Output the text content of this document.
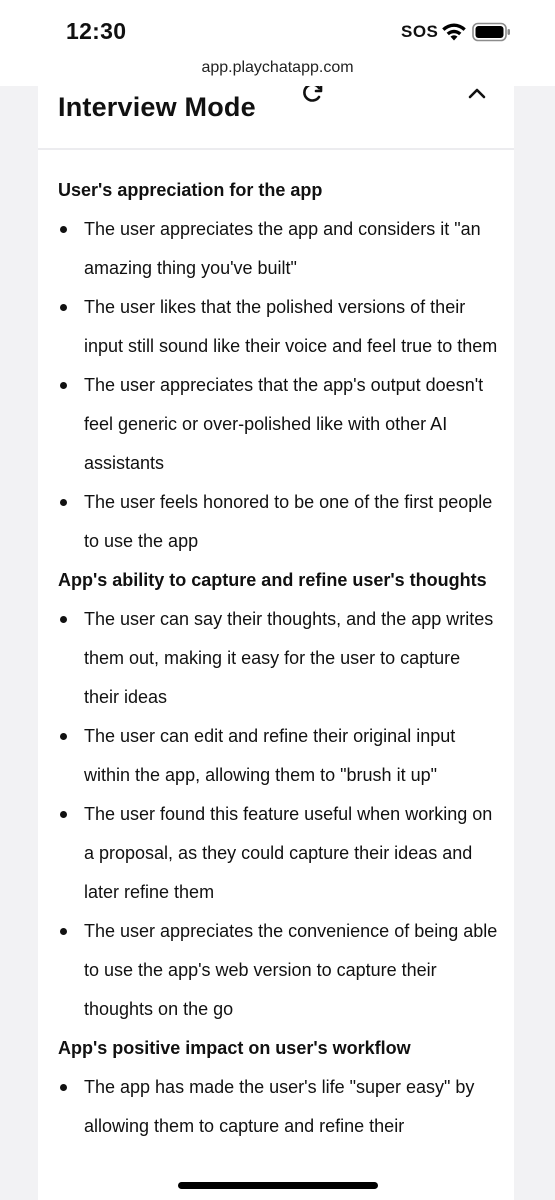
12:30	SOS
app.playchatapp.com
Interview Mode
User's appreciation for the app
The user appreciates the app and considers it "an amazing thing you've built"
The user likes that the polished versions of their input still sound like their voice and feel true to them
The user appreciates that the app's output doesn't feel generic or over-polished like with other AI assistants
The user feels honored to be one of the first people to use the app
App's ability to capture and refine user's thoughts
The user can say their thoughts, and the app writes them out, making it easy for the user to capture their ideas
The user can edit and refine their original input within the app, allowing them to "brush it up"
The user found this feature useful when working on a proposal, as they could capture their ideas and later refine them
The user appreciates the convenience of being able to use the app's web version to capture their thoughts on the go
App's positive impact on user's workflow
The app has made the user's life "super easy" by allowing them to capture and refine their
